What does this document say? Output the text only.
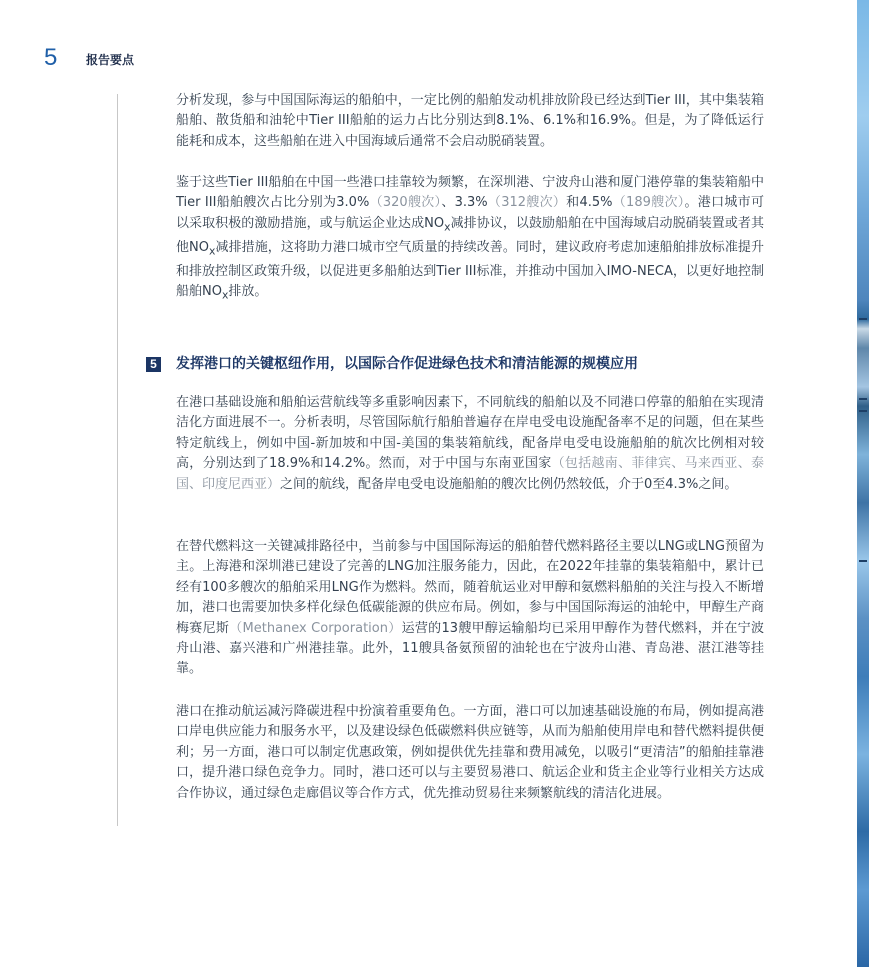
5 报告要点

分析发现，参与中国国际海运的船舶中，一定比例的船舶发动机排放阶段已经达到Tier III，其中集装箱船舶、散货船和油轮中Tier III船舶的运力占比分别达到8.1%、6.1%和16.9%。但是，为了降低运行能耗和成本，这些船舶在进入中国海域后通常不会启动脱硝装置。

鉴于这些Tier III船舶在中国一些港口挂靠较为频繁，在深圳港、宁波舟山港和厦门港停靠的集装箱船中Tier III船舶艘次占比分别为3.0%（320艘次）、3.3%（312艘次）和4.5%（189艘次）。港口城市可以采取积极的激励措施，或与航运企业达成$NO_x$减排协议，以鼓励船舶在中国海域启动脱硝装置或者其他$NO_x$减排措施，这将助力港口城市空气质量的持续改善。同时，建议政府考虑加速船舶排放标准提升和排放控制区政策升级，以促进更多船舶达到Tier III标准，并推动中国加入IMO-NECA，以更好地控制船舶$NO_x$排放。

5 发挥港口的关键枢纽作用，以国际合作促进绿色技术和清洁能源的规模应用

在港口基础设施和船舶运营航线等多重影响因素下，不同航线的船舶以及不同港口停靠的船舶在实现清洁化方面进展不一。分析表明，尽管国际航行船舶普遍存在岸电受电设施配备率不足的问题，但在某些特定航线上，例如中国-新加坡和中国-美国的集装箱航线，配备岸电受电设施船舶的航次比例相对较高，分别达到了18.9%和14.2%。然而，对于中国与东南亚国家（包括越南、菲律宾、马来西亚、泰国、印度尼西亚）之间的航线，配备岸电受电设施船舶的艘次比例仍然较低，介于0至4.3%之间。

在替代燃料这一关键减排路径中，当前参与中国国际海运的船舶替代燃料路径主要以LNG或LNG预留为主。上海港和深圳港已建设了完善的LNG加注服务能力，因此，在2022年挂靠的集装箱船中，累计已经有100多艘次的船舶采用LNG作为燃料。然而，随着航运业对甲醇和氨燃料船舶的关注与投入不断增加，港口也需要加快多样化绿色低碳能源的供应布局。例如，参与中国国际海运的油轮中，甲醇生产商梅赛尼斯（Methanex Corporation）运营的13艘甲醇运输船均已采用甲醇作为替代燃料，并在宁波舟山港、嘉兴港和广州港挂靠。此外，11艘具备氨预留的油轮也在宁波舟山港、青岛港、湛江港等挂靠。

港口在推动航运减污降碳进程中扮演着重要角色。一方面，港口可以加速基础设施的布局，例如提高港口岸电供应能力和服务水平，以及建设绿色低碳燃料供应链等，从而为船舶使用岸电和替代燃料提供便利；另一方面，港口可以制定优惠政策，例如提供优先挂靠和费用减免，以吸引“更清洁”的船舶挂靠港口，提升港口绿色竞争力。同时，港口还可以与主要贸易港口、航运企业和货主企业等行业相关方达成合作协议，通过绿色走廊倡议等合作方式，优先推动贸易往来频繁航线的清洁化进展。
